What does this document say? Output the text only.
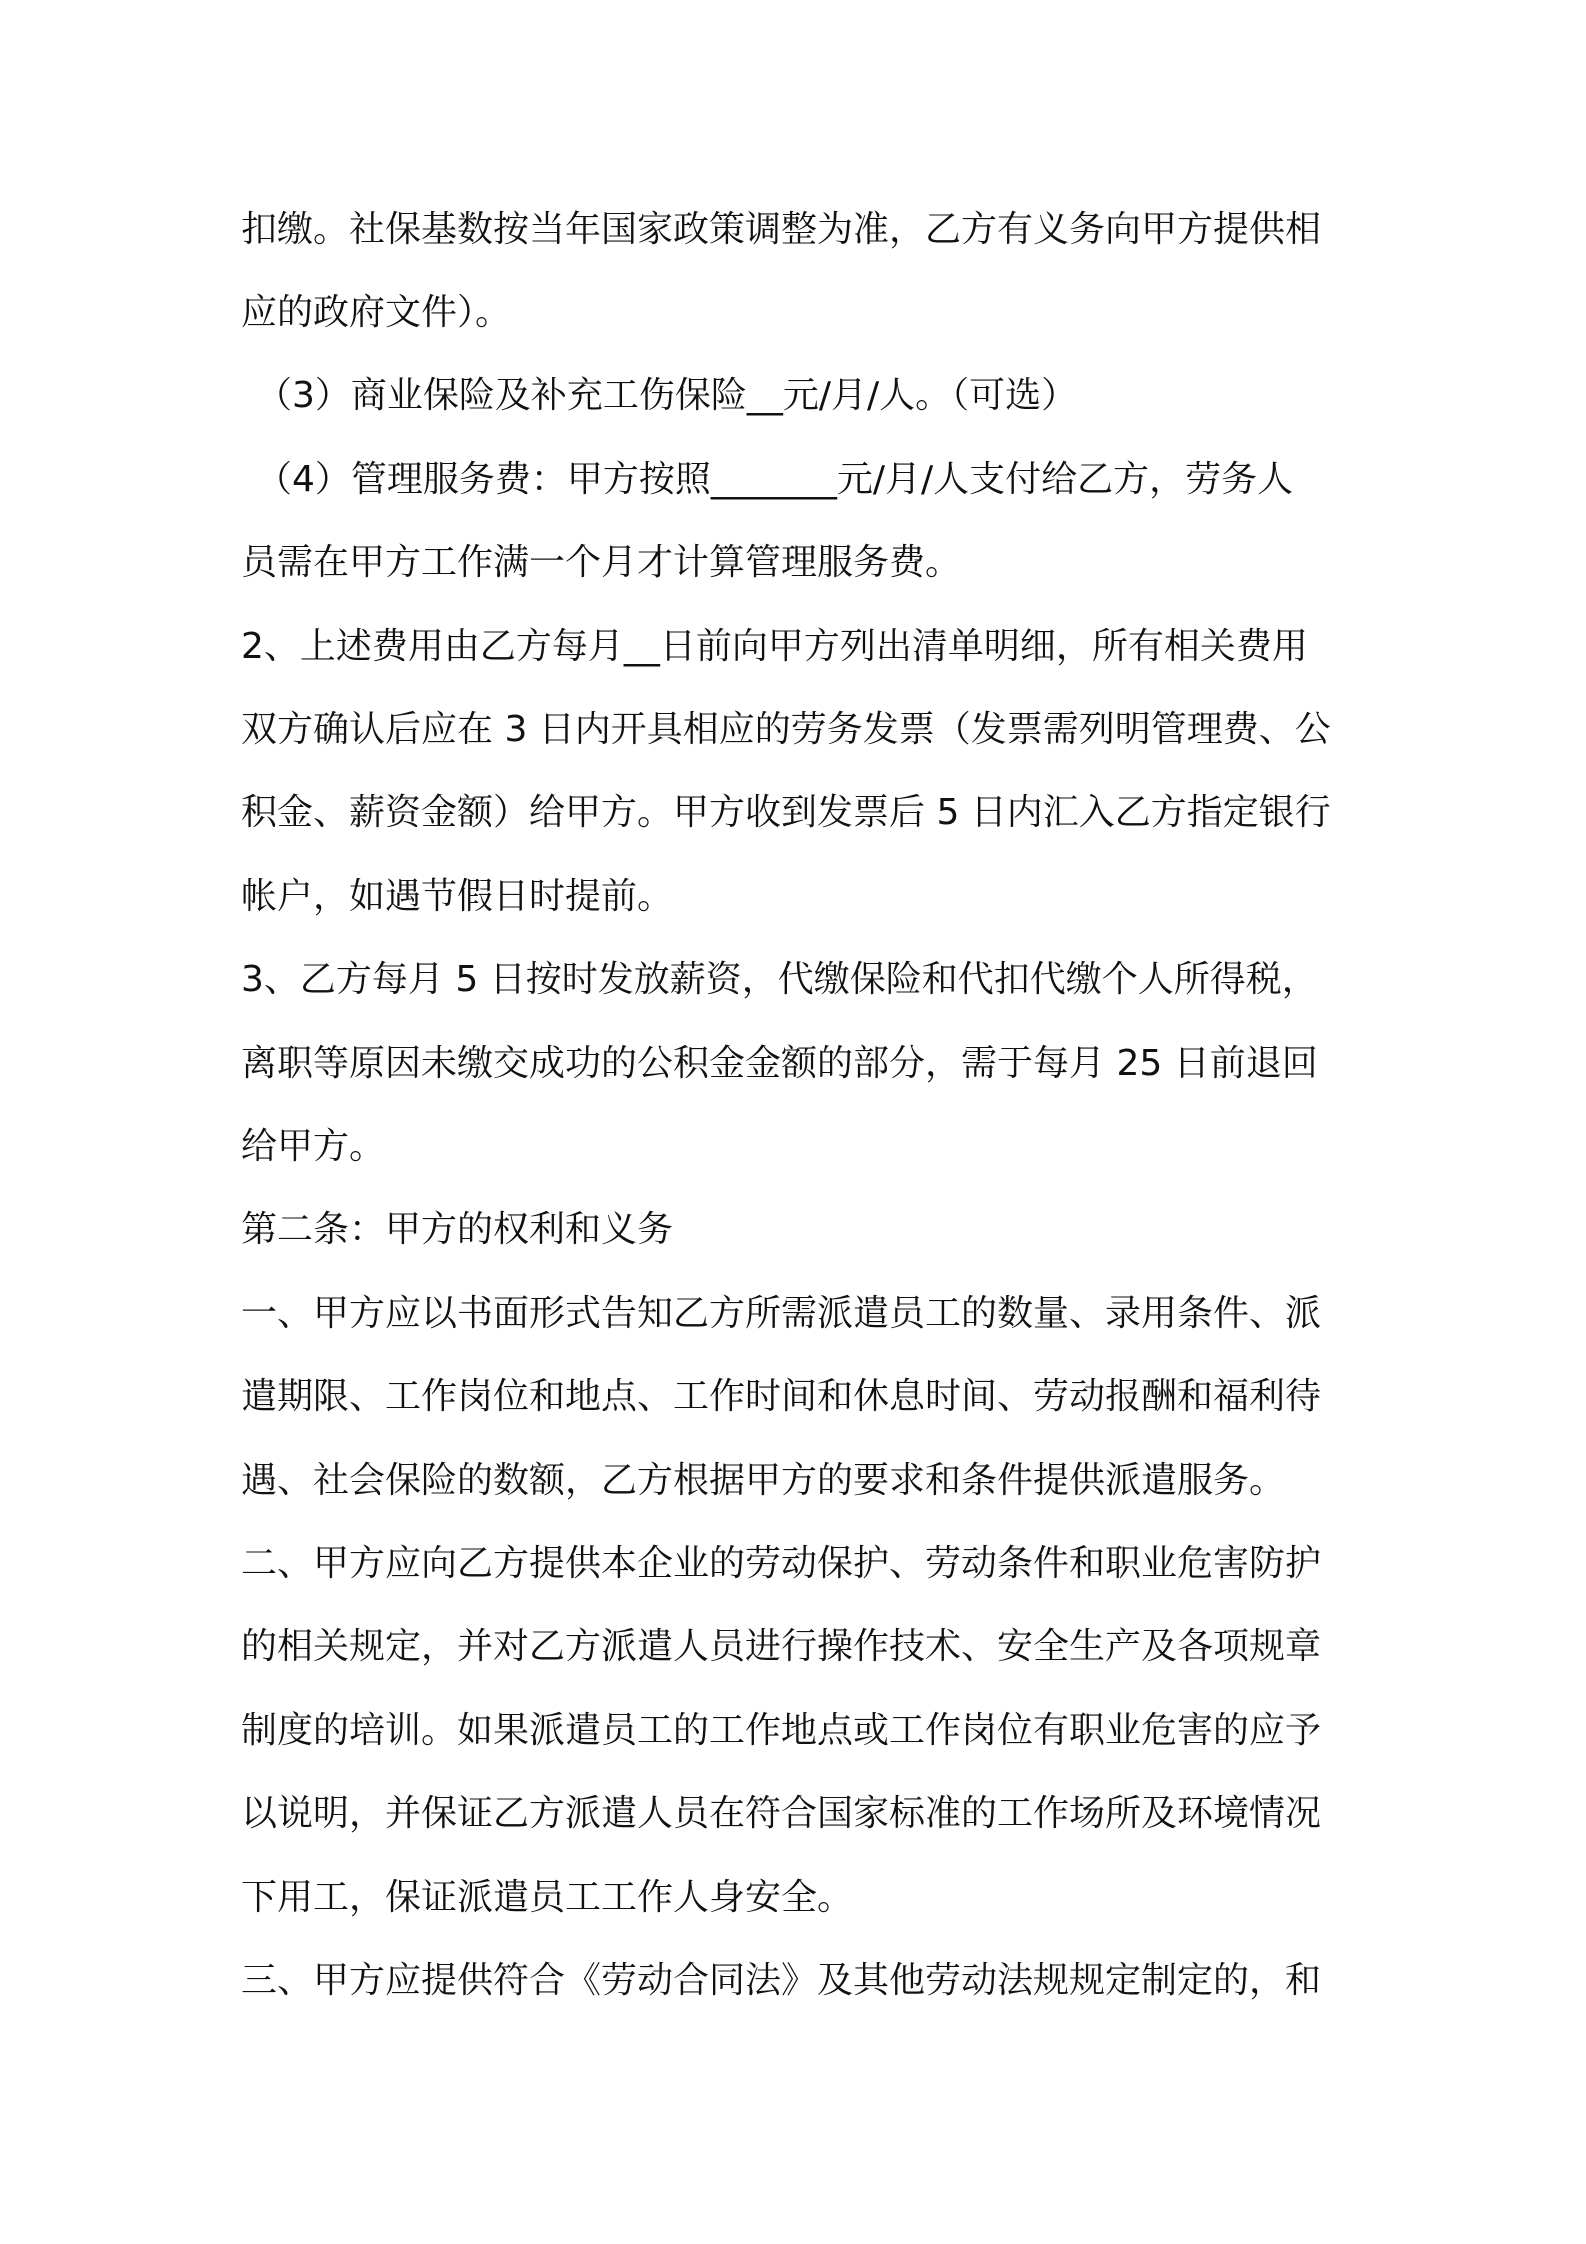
扣缴。社保基数按当年国家政策调整为准，乙方有义务向甲方提供相
应的政府文件）。
（3）商业保险及补充工伤保险__元/月/人。（可选）
（4）管理服务费：甲方按照_______元/月/人支付给乙方，劳务人
员需在甲方工作满一个月才计算管理服务费。
2、上述费用由乙方每月__日前向甲方列出清单明细，所有相关费用
双方确认后应在 3 日内开具相应的劳务发票（发票需列明管理费、公
积金、薪资金额）给甲方。甲方收到发票后 5 日内汇入乙方指定银行
帐户，如遇节假日时提前。
3、乙方每月 5 日按时发放薪资，代缴保险和代扣代缴个人所得税，
离职等原因未缴交成功的公积金金额的部分，需于每月 25 日前退回
给甲方。
第二条：甲方的权利和义务
一、甲方应以书面形式告知乙方所需派遣员工的数量、录用条件、派
遣期限、工作岗位和地点、工作时间和休息时间、劳动报酬和福利待
遇、社会保险的数额，乙方根据甲方的要求和条件提供派遣服务。
二、甲方应向乙方提供本企业的劳动保护、劳动条件和职业危害防护
的相关规定，并对乙方派遣人员进行操作技术、安全生产及各项规章
制度的培训。如果派遣员工的工作地点或工作岗位有职业危害的应予
以说明，并保证乙方派遣人员在符合国家标准的工作场所及环境情况
下用工，保证派遣员工工作人身安全。
三、甲方应提供符合《劳动合同法》及其他劳动法规规定制定的，和
